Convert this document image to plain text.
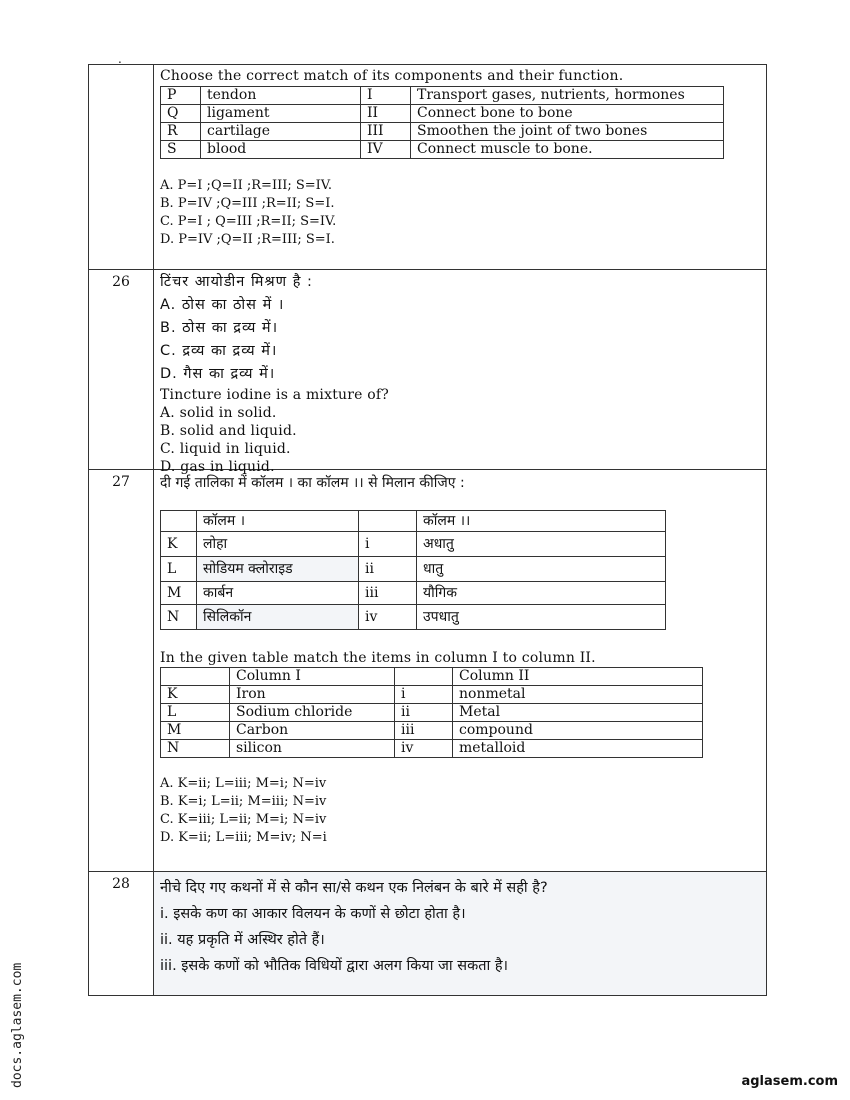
.

Choose the correct match of its components and their function.

P	tendon	I	Transport gases, nutrients, hormones
Q	ligament	II	Connect bone to bone
R	cartilage	III	Smoothen the joint of two bones
S	blood	IV	Connect muscle to bone.
A. P=I ;Q=II ;R=III; S=IV.
B. P=IV ;Q=III ;R=II; S=I.
C. P=I ; Q=III ;R=II; S=IV.
D. P=IV ;Q=II ;R=III; S=I.

26	टिंचर आयोडीन मिश्रण है :
A. ठोस का ठोस में ।
B. ठोस का द्रव्य में।
C. द्रव्य का द्रव्य में।
D. गैस का द्रव्य में।

Tincture iodine is a mixture of?

A. solid in solid.

B. solid and liquid.

C. liquid in liquid.

D. gas in liquid.

27	दी गई तालिका में कॉलम । का कॉलम ।। से मिलान कीजिए :
	कॉलम ।		कॉलम ।।
K	लोहा	i	अधातु
L	सोडियम क्लोराइड	ii	धातु
M	कार्बन	iii	यौगिक
N	सिलिकॉन	iv	उपधातु

In the given table match the items in column I to column II.

	Column I		Column II
K	Iron	i	nonmetal
L	Sodium chloride	ii	Metal
M	Carbon	iii	compound
N	silicon	iv	metalloid
A. K=ii; L=iii; M=i; N=iv
B. K=i; L=ii; M=iii; N=iv
C. K=iii; L=ii; M=i; N=iv
D. K=ii; L=iii; M=iv; N=i

28	नीचे दिए गए कथनों में से कौन सा/से कथन एक निलंबन के बारे में सही है?
i. इसके कण का आकार विलयन के कणों से छोटा होता है।
ii. यह प्रकृति में अस्थिर होते हैं।
iii. इसके कणों को भौतिक विधियों द्वारा अलग किया जा सकता है।
docs.aglasem.com	aglasem.com
